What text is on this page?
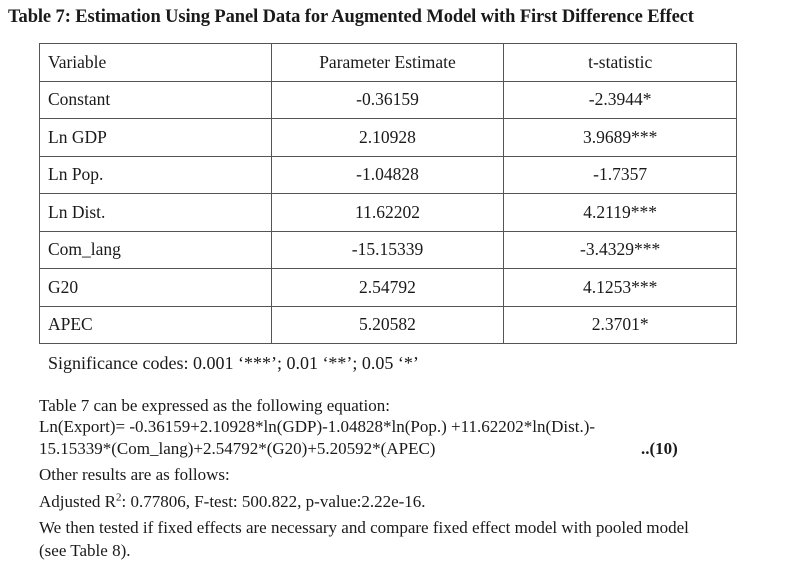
Table 7: Estimation Using Panel Data for Augmented Model with First Difference Effect
Variable	Parameter Estimate	t-statistic
Constant	-0.36159	-2.3944*
Ln GDP	2.10928	3.9689***
Ln Pop.	-1.04828	-1.7357
Ln Dist.	11.62202	4.2119***
Com_lang	-15.15339	-3.4329***
G20	2.54792	4.1253***
APEC	5.20582	2.3701*
Significance codes: 0.001 ‘***’; 0.01 ‘**’; 0.05 ‘*’
Table 7 can be expressed as the following equation:
Ln(Export)= -0.36159+2.10928*ln(GDP)-1.04828*ln(Pop.) +11.62202*ln(Dist.)-
15.15339*(Com_lang)+2.54792*(G20)+5.20592*(APEC)	..(10)
Other results are as follows:
Adjusted $R^2$: 0.77806, F-test: 500.822, p-value:2.22e-16.
We then tested if fixed effects are necessary and compare fixed effect model with pooled model
(see Table 8).
